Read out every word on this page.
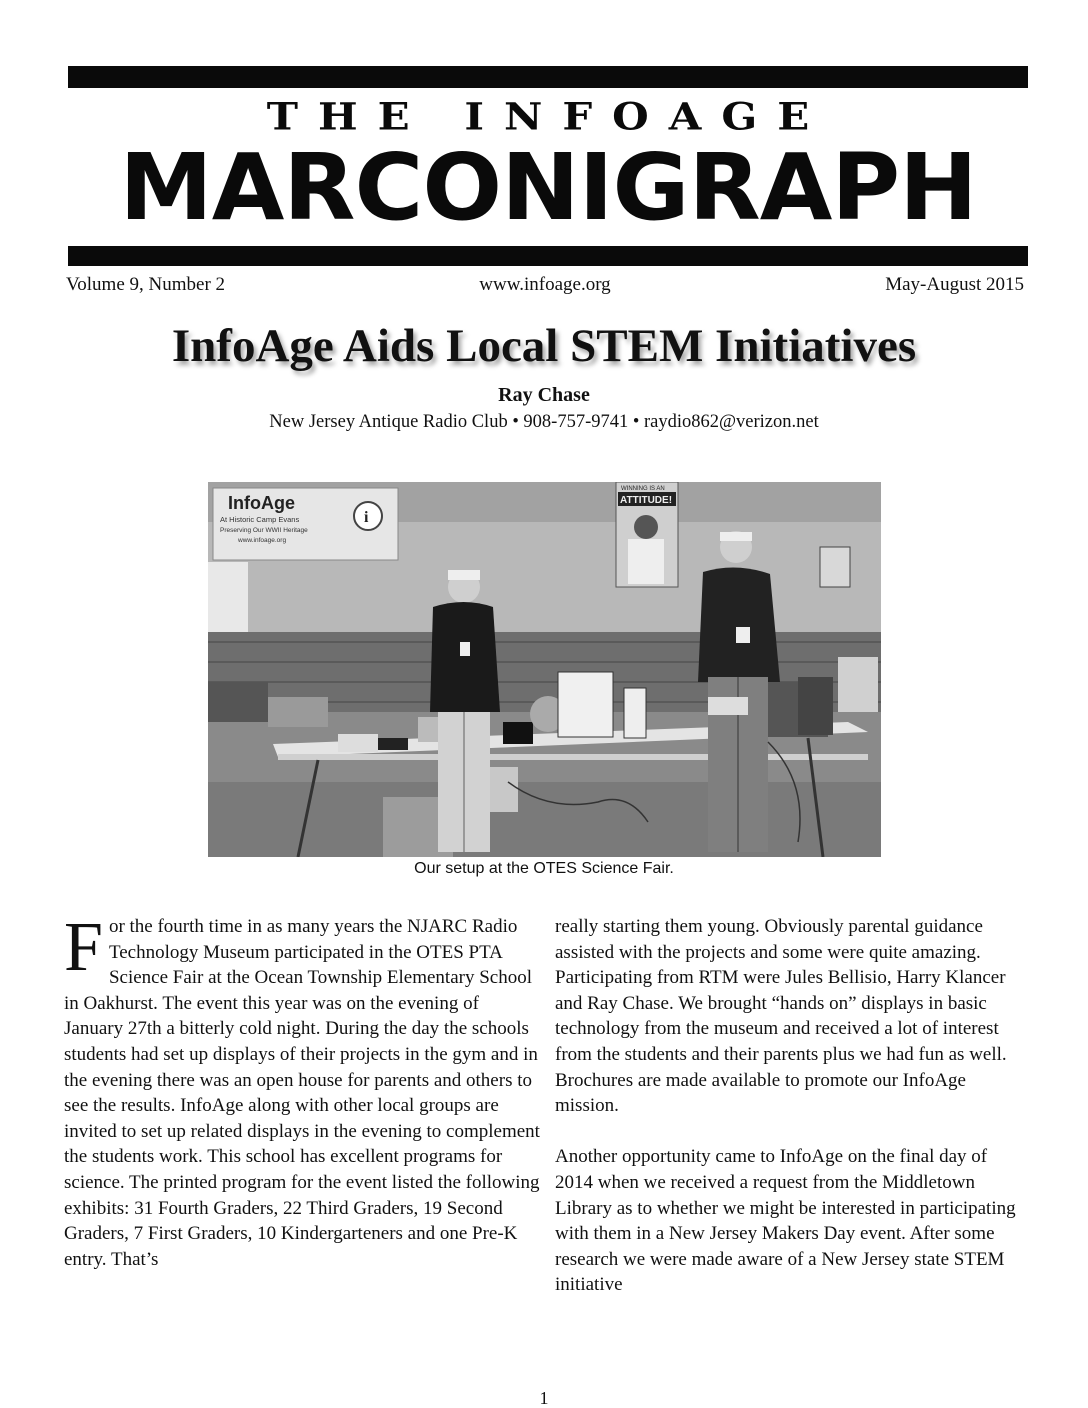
THE INFOAGE
MARCONIGRAPH
www.infoage.org
Volume 9, Number 2	May-August 2015
InfoAge Aids Local STEM Initiatives
Ray Chase
New Jersey Antique Radio Club • 908-757-9741 • raydio862@verizon.net
InfoAge
At Historic Camp Evans
Preserving Our WWII Heritage
www.infoage.org
i
WINNING IS AN
ATTITUDE!
Our setup at the OTES Science Fair.

For the fourth time in as many years the NJARC Radio Technology Museum participated in the OTES PTA Science Fair at the Ocean Township Elementary School in Oakhurst. The event this year was on the evening of January 27th a bitterly cold night. During the day the schools students had set up displays of their projects in the gym and in the evening there was an open house for parents and others to see the results. InfoAge along with other local groups are invited to set up related displays in the evening to complement the students work. This school has excellent programs for science. The printed program for the event listed the following exhibits: 31 Fourth Graders, 22 Third Graders, 19 Second Graders, 7 First Graders, 10 Kindergarteners and one Pre-K entry. That’s

really starting them young. Obviously parental guidance assisted with the projects and some were quite amazing. Participating from RTM were Jules Bellisio, Harry Klancer and Ray Chase. We brought “hands on” displays in basic technology from the museum and received a lot of interest from the students and their parents plus we had fun as well. Brochures are made available to promote our InfoAge mission.

Another opportunity came to InfoAge on the final day of 2014 when we received a request from the Middletown Library as to whether we might be interested in participating with them in a New Jersey Makers Day event. After some research we were made aware of a New Jersey state STEM initiative

1
